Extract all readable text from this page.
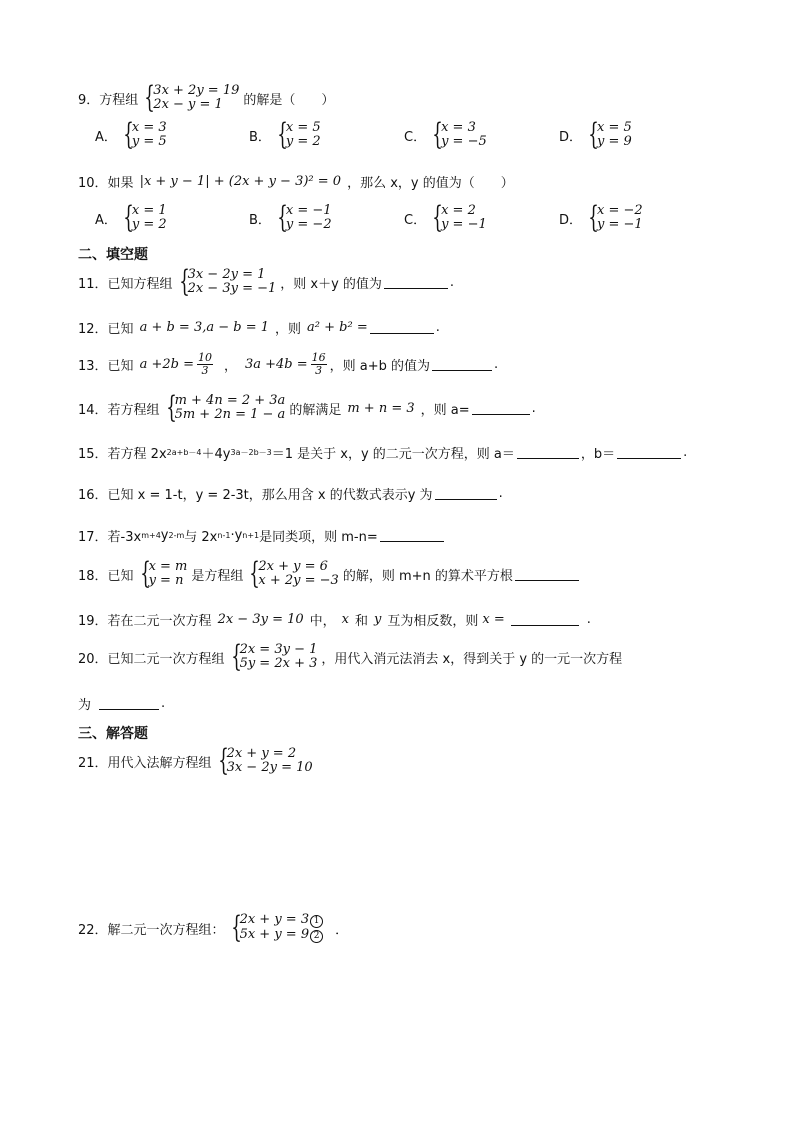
9． 方程组 {
3x + 2y = 19
2x − y = 1	的解是（　　）
A． {
x = 3
y = 5	B． {
x = 5
y = 2	C． {
x = 3
y = −5	D． {
x = 5
y = 9
10． 如果 |x + y − 1| + (2x + y − 3)² = 0 ，那么 x，y 的值为（　　）
A． {
x = 1
y = 2	B． {
x = −1
y = −2	C． {
x = 2
y = −1	D． {
x = −2
y = −1
二、填空题
11． 已知方程组 {
3x − 2y = 1
2x − 3y = −1 ，则 x＋y 的值为	.
12． 已知 a + b = 3,a − b = 1 ，则 a² + b² =	.
13． 已知 $a +2b = \frac{10}{3}$ ， $3a +4b = \frac{16}{3}$ ，则 a+b 的值为	.
14． 若方程组 {
m + 4n = 2 + 3a
5m + 2n = 1 − a 的解满足 m + n = 3 ，则 a=	.
15． 若方程 2x 2a+b－4 ＋4y 3a－2b－3 ＝1 是关于 x，y 的二元一次方程，则 a＝	，b＝	.
16． 已知 x = 1-t，y = 2-3t，那么用含 x 的代数式表示y 为	.
17． 若-3x m+4 y 2-m 与 2x n-1 ·y n+1 是同类项，则 m-n=
18． 已知 {
x = m
y = n 是方程组 {
2x + y = 6
x + 2y = −3 的解，则 m+n 的算术平方根
19． 若在二元一次方程 2x − 3y = 10 中， x 和 y 互为相反数，则 x =	.
20． 已知二元一次方程组 {
2x = 3y − 1
5y = 2x + 3 ，用代入消元法消去 x，得到关于 y 的一元一次方程
为	.
三、解答题
21． 用代入法解方程组 {
2x + y = 2
3x − 2y = 10
22． 解二元一次方程组： {
2x + y = 3 1
5x + y = 9 2 ．
